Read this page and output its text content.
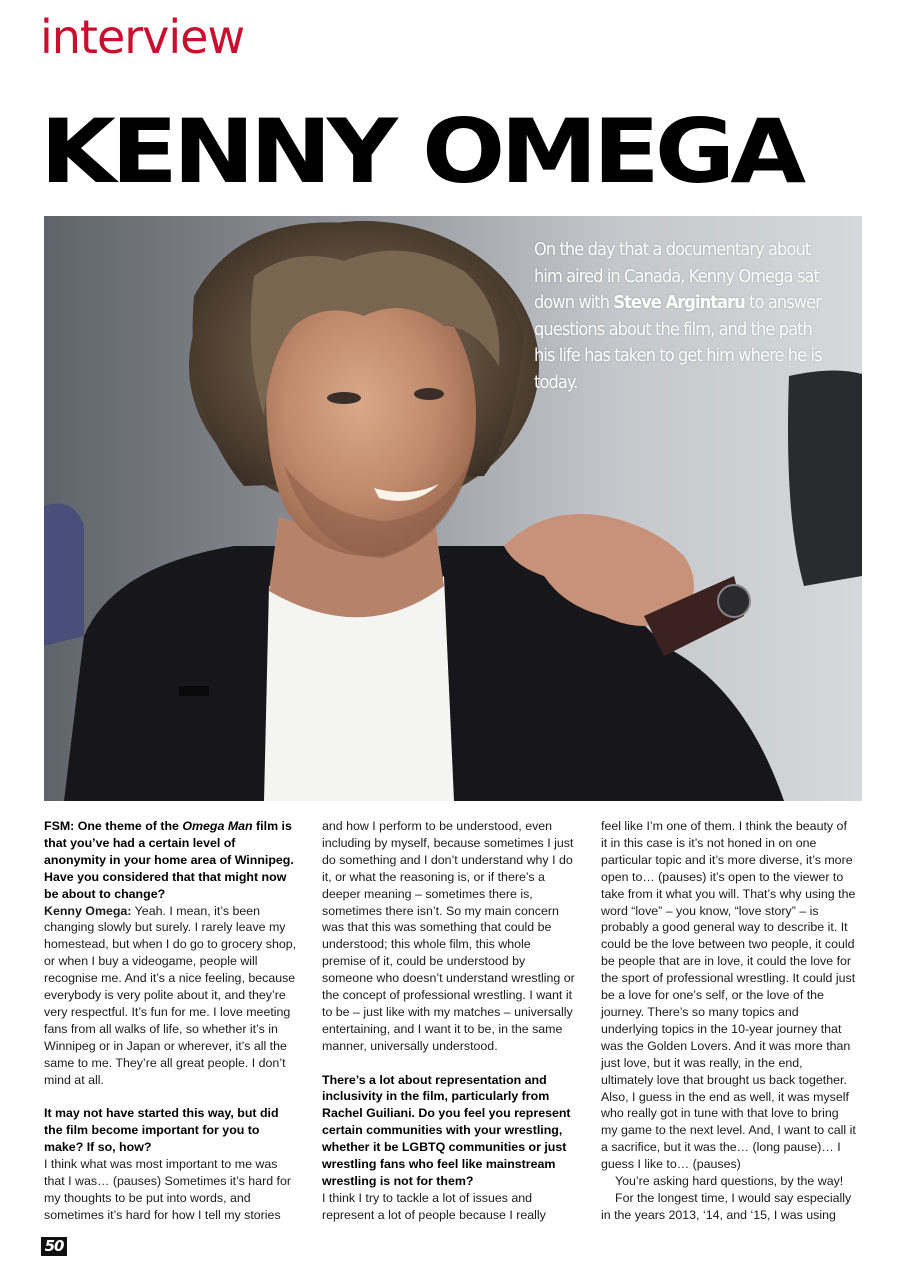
interview
KENNY OMEGA
On the day that a documentary about him aired in Canada, Kenny Omega sat down with Steve Argintaru to answer questions about the film, and the path his life has taken to get him where he is today.

FSM: One theme of the Omega Man film is that you’ve had a certain level of anonymity in your home area of Winnipeg. Have you considered that that might now be about to change?

Kenny Omega: Yeah. I mean, it’s been changing slowly but surely. I rarely leave my homestead, but when I do go to grocery shop, or when I buy a videogame, people will recognise me. And it’s a nice feeling, because everybody is very polite about it, and they’re very respectful. It’s fun for me. I love meeting fans from all walks of life, so whether it’s in Winnipeg or in Japan or wherever, it’s all the same to me. They’re all great people. I don’t mind at all.

It may not have started this way, but did the film become important for you to make? If so, how?

I think what was most important to me was that I was… (pauses) Sometimes it’s hard for my thoughts to be put into words, and sometimes it’s hard for how I tell my stories

and how I perform to be understood, even including by myself, because sometimes I just do something and I don’t understand why I do it, or what the reasoning is, or if there’s a deeper meaning – sometimes there is, sometimes there isn’t. So my main concern was that this was something that could be understood; this whole film, this whole premise of it, could be understood by someone who doesn’t understand wrestling or the concept of professional wrestling. I want it to be – just like with my matches – universally entertaining, and I want it to be, in the same manner, universally understood.

There’s a lot about representation and inclusivity in the film, particularly from Rachel Guiliani. Do you feel you represent certain communities with your wrestling, whether it be LGBTQ communities or just wrestling fans who feel like mainstream wrestling is not for them?

I think I try to tackle a lot of issues and represent a lot of people because I really

feel like I’m one of them. I think the beauty of it in this case is it’s not honed in on one particular topic and it’s more diverse, it’s more open to… (pauses) it’s open to the viewer to take from it what you will. That’s why using the word “love” – you know, “love story” – is probably a good general way to describe it. It could be the love between two people, it could be people that are in love, it could the love for the sport of professional wrestling. It could just be a love for one’s self, or the love of the journey. There’s so many topics and underlying topics in the 10-year journey that was the Golden Lovers. And it was more than just love, but it was really, in the end, ultimately love that brought us back together. Also, I guess in the end as well, it was myself who really got in tune with that love to bring my game to the next level. And, I want to call it a sacrifice, but it was the… (long pause)… I guess I like to… (pauses)

You’re asking hard questions, by the way!

For the longest time, I would say especially in the years 2013, ‘14, and ‘15, I was using

50
